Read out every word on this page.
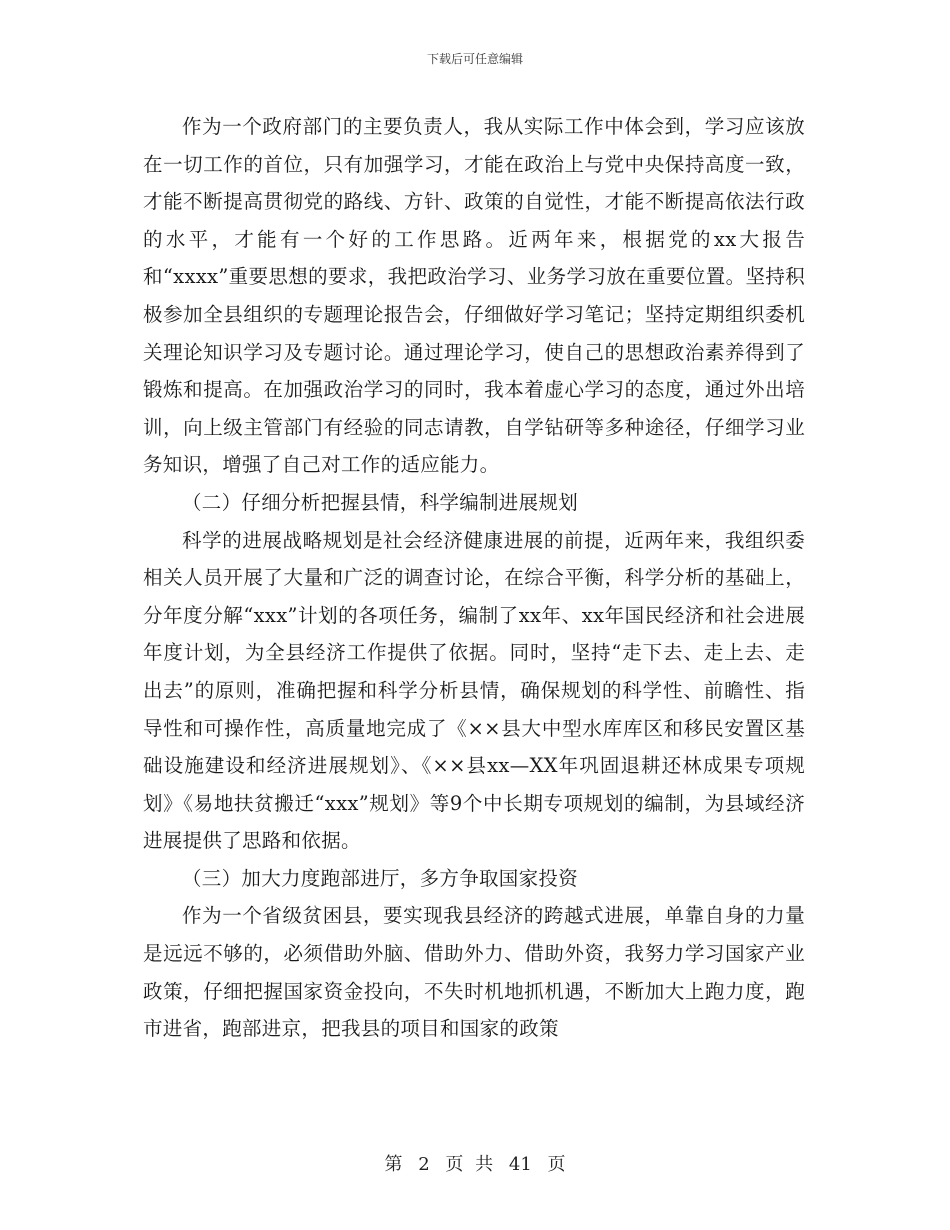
下载后可任意编辑

作为一个政府部门的主要负责人，我从实际工作中体会到，学习应该放在一切工作的首位，只有加强学习，才能在政治上与党中央保持高度一致，才能不断提高贯彻党的路线、方针、政策的自觉性，才能不断提高依法行政的水平，才能有一个好的工作思路。近两年来，根据党的xx大报告和“xxxx”重要思想的要求，我把政治学习、业务学习放在重要位置。坚持积极参加全县组织的专题理论报告会，仔细做好学习笔记；坚持定期组织委机关理论知识学习及专题讨论。通过理论学习，使自己的思想政治素养得到了锻炼和提高。在加强政治学习的同时，我本着虚心学习的态度，通过外出培训，向上级主管部门有经验的同志请教，自学钻研等多种途径，仔细学习业务知识，增强了自己对工作的适应能力。

（二）仔细分析把握县情，科学编制进展规划

科学的进展战略规划是社会经济健康进展的前提，近两年来，我组织委相关人员开展了大量和广泛的调查讨论，在综合平衡，科学分析的基础上，分年度分解“xxx”计划的各项任务，编制了xx年、xx年国民经济和社会进展年度计划，为全县经济工作提供了依据。同时，坚持“走下去、走上去、走出去”的原则，准确把握和科学分析县情，确保规划的科学性、前瞻性、指导性和可操作性，高质量地完成了《××县大中型水库库区和移民安置区基础设施建设和经济进展规划》、《××县xx—XX年巩固退耕还林成果专项规划》《易地扶贫搬迁“xxx”规划》等9个中长期专项规划的编制，为县域经济进展提供了思路和依据。

（三）加大力度跑部进厅，多方争取国家投资

作为一个省级贫困县，要实现我县经济的跨越式进展，单靠自身的力量是远远不够的，必须借助外脑、借助外力、借助外资，我努力学习国家产业政策，仔细把握国家资金投向，不失时机地抓机遇，不断加大上跑力度，跑市进省，跑部进京，把我县的项目和国家的政策

第 2 页 共 41 页
